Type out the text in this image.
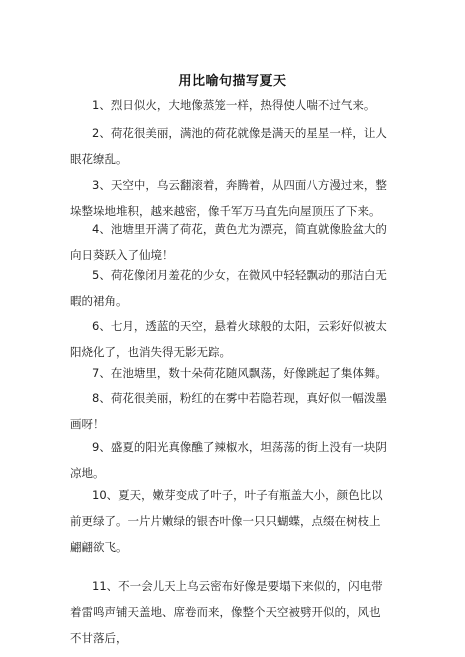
用比喻句描写夏天
1、烈日似火，大地像蒸笼一样，热得使人喘不过气来。
2、荷花很美丽，满池的荷花就像是满天的星星一样，让人眼花缭乱。
3、天空中，乌云翻滚着，奔腾着，从四面八方漫过来，整垛整垛地堆积，越来越密，像千军万马直先向屋顶压了下来。
4、池塘里开满了荷花，黄色尤为漂亮，简直就像脸盆大的向日葵跃入了仙境！
5、荷花像闭月羞花的少女，在微风中轻轻飘动的那洁白无暇的裙角。
6、七月，透蓝的天空，悬着火球般的太阳，云彩好似被太阳烧化了，也消失得无影无踪。
7、在池塘里，数十朵荷花随风飘荡，好像跳起了集体舞。
8、荷花很美丽，粉红的在雾中若隐若现，真好似一幅泼墨画呀！
9、盛夏的阳光真像醮了辣椒水，坦荡荡的街上没有一块阴凉地。
10、夏天，嫩芽变成了叶子，叶子有瓶盖大小，颜色比以前更绿了。一片片嫩绿的银杏叶像一只只蝴蝶，点缀在树枝上翩翩欲飞。
11、不一会儿天上乌云密布好像是要塌下来似的，闪电带着雷鸣声铺天盖地、席卷而来，像整个天空被劈开似的，风也不甘落后，
